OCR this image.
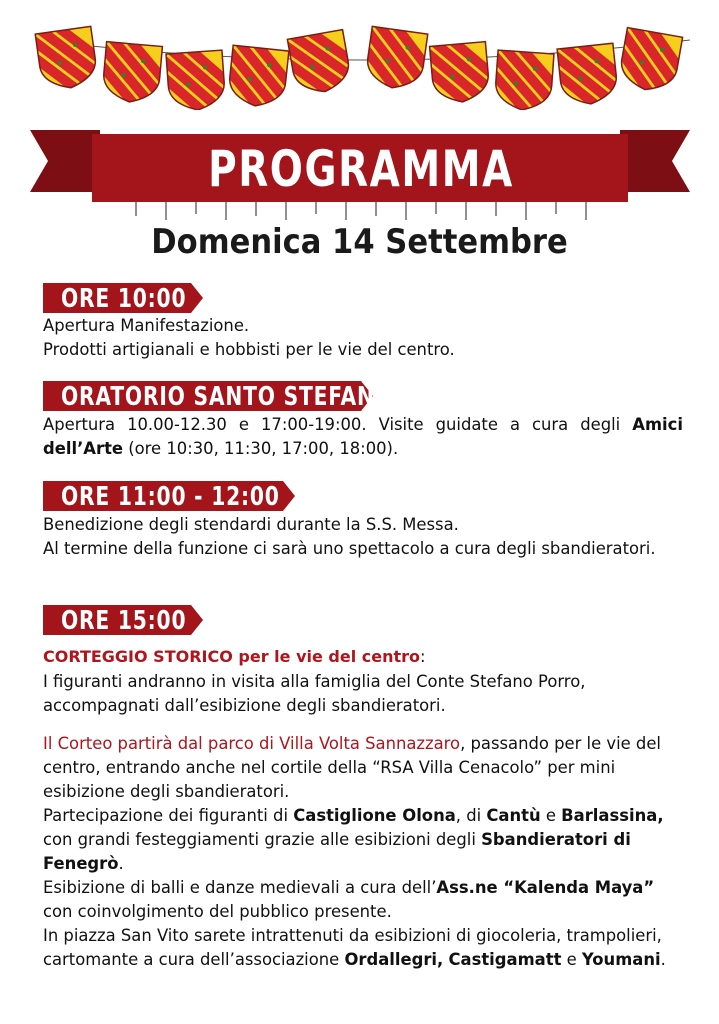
PROGRAMMA
Domenica 14 Settembre
ORE 10:00
Apertura Manifestazione.
Prodotti artigianali e hobbisti per le vie del centro.
ORATORIO SANTO STEFANO
Apertura 10.00-12.30 e 17:00-19:00. Visite guidate a cura degli Amici dell’Arte (ore 10:30, 11:30, 17:00, 18:00).
ORE 11:00 - 12:00
Benedizione degli stendardi durante la S.S. Messa.
Al termine della funzione ci sarà uno spettacolo a cura degli sbandieratori.
ORE 15:00
CORTEGGIO STORICO per le vie del centro:
I figuranti andranno in visita alla famiglia del Conte Stefano Porro, accompagnati dall’esibizione degli sbandieratori.
Il Corteo partirà dal parco di Villa Volta Sannazzaro, passando per le vie del centro, entrando anche nel cortile della “RSA Villa Cenacolo” per mini esibizione degli sbandieratori.
Partecipazione dei figuranti di Castiglione Olona, di Cantù e Barlassina, con grandi festeggiamenti grazie alle esibizioni degli Sbandieratori di Fenegrò.
Esibizione di balli e danze medievali a cura dell’Ass.ne “Kalenda Maya” con coinvolgimento del pubblico presente.
In piazza San Vito sarete intrattenuti da esibizioni di giocoleria, trampolieri, cartomante a cura dell’associazione Ordallegri, Castigamatt e Youmani.
